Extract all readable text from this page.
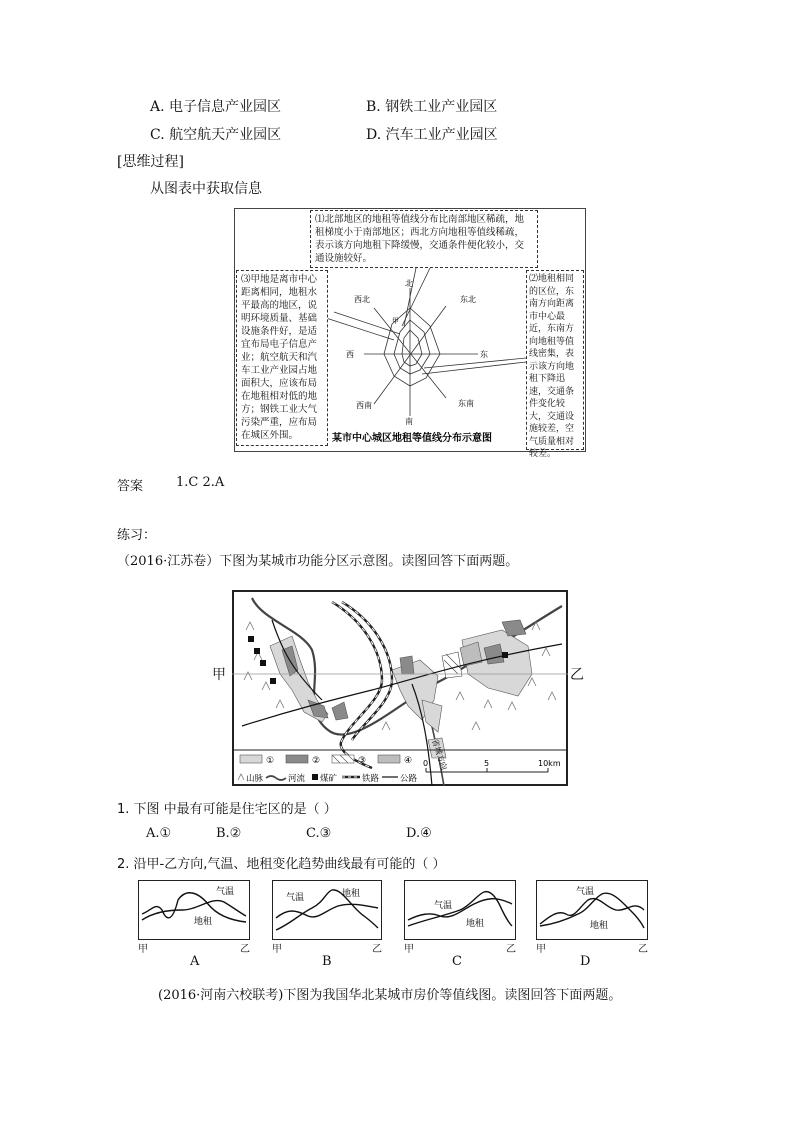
A. 电子信息产业园区	B. 钢铁工业产业园区
C. 航空航天产业园区	D. 汽车工业产业园区
[思维过程]
从图表中获取信息
北
东北
西北
东
西
西南	东南
南
甲
某市中心城区地租等值线分布示意图
⑴北部地区的地租等值线分布比南部地区稀疏，地租梯度小于南部地区；西北方向地租等值线稀疏，表示该方向地租下降缓慢，交通条件便化较小，交通设施较好。
⑶甲地是离市中心距离相同，地租水平最高的地区，说明环境质量、基础设施条件好，是适宜布局电子信息产业；航空航天和汽车工业产业园占地面积大，应该布局在地租相对低的地方；钢铁工业大气污染严重，应布局在城区外围。
⑵地租相同的区位，东南方向距离市中心最近，东南方向地租等值线密集，表示该方向地租下降迅速，交通条件变化较大，交通设施较差，空气质量相对较差。
答案	1.C 2.A
练习：
（2016·江苏卷）下图为某城市功能分区示意图。读图回答下面两题。
①	②	③	④
山脉	河流 煤矿	铁路 公路
0	5	10km
省城方向
甲	乙
1. 下图 中最有可能是住宅区的是（ ）
A.①	B.②	C.③	D.④
2. 沿甲-乙方向,气温、地租变化趋势曲线最有可能的（ ）
气温
地租
气温	地租
气温
地租
气温
地租
甲	乙 甲	乙 甲	乙 甲	乙
A	B	C	D
(2016·河南六校联考)下图为我国华北某城市房价等值线图。读图回答下面两题。
